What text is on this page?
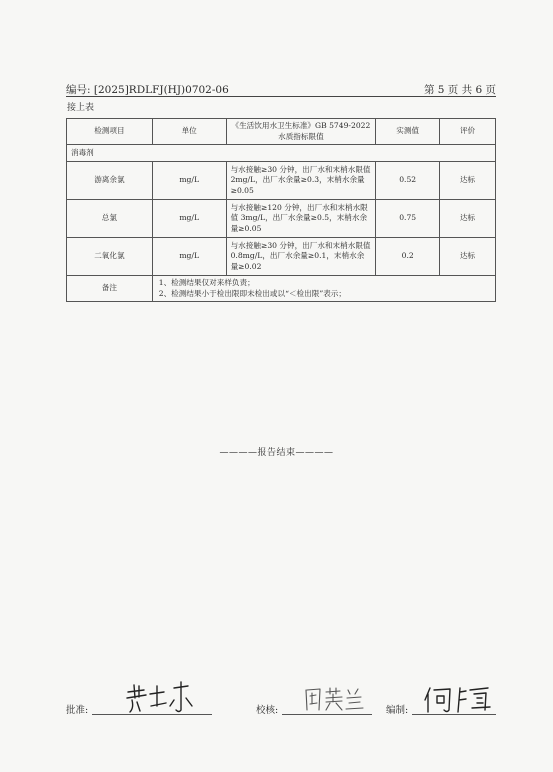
编号: [2025]RDLFJ(HJ)0702-06	第 5 页 共 6 页
接上表
检测项目	单位	《生活饮用水卫生标准》GB 5749-2022 水质指标限值	实测值	评价
消毒剂				
游离余氯	mg/L	与水接触≥30 分钟，出厂水和末梢水限值 2mg/L，出厂水余量≥0.3，末梢水余量≥0.05	0.52	达标
总氯	mg/L	与水接触≥120 分钟，出厂水和末梢水限值 3mg/L，出厂水余量≥0.5，末梢水余量≥0.05	0.75	达标
二氧化氯	mg/L	与水接触≥30 分钟，出厂水和末梢水限值 0.8mg/L，出厂水余量≥0.1，末梢水余量≥0.02	0.2	达标
备注	1、检测结果仅对来样负责；
2、检测结果小于检出限即未检出或以“＜检出限”表示；			
————报告结束————
批准:	校核:	编制:
